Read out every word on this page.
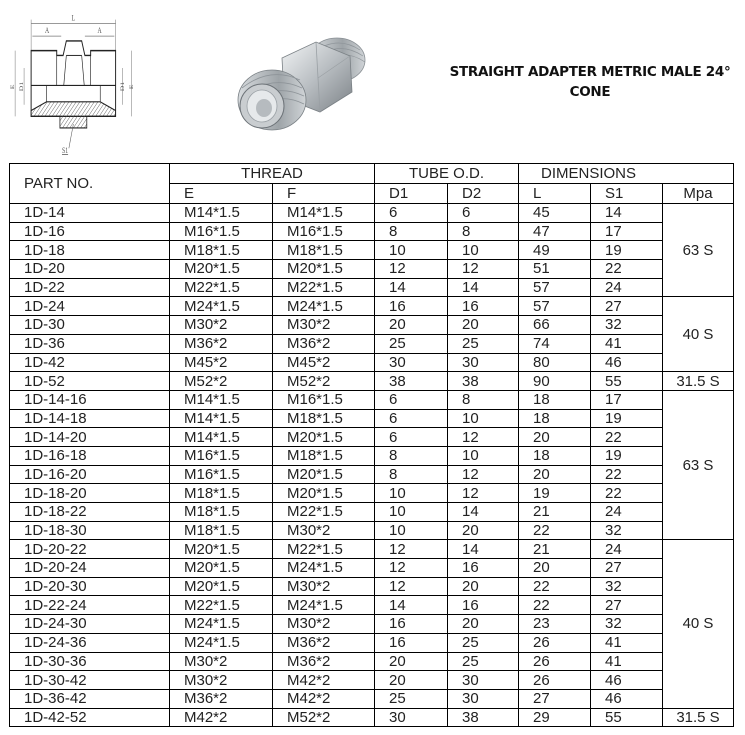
L
A	A
E D1	D1 E
S1
STRAIGHT ADAPTER METRIC MALE 24°
CONE
PART NO.	THREAD		TUBE O.D.		DIMENSIONS		
	E	F	D1	D2	L	S1	Mpa
1D-14	M14*1.5	M14*1.5	6	6	45	14	63 S
1D-16	M16*1.5	M16*1.5	8	8	47	17	
1D-18	M18*1.5	M18*1.5	10	10	49	19	
1D-20	M20*1.5	M20*1.5	12	12	51	22	
1D-22	M22*1.5	M22*1.5	14	14	57	24	
1D-24	M24*1.5	M24*1.5	16	16	57	27	40 S
1D-30	M30*2	M30*2	20	20	66	32	
1D-36	M36*2	M36*2	25	25	74	41	
1D-42	M45*2	M45*2	30	30	80	46	
1D-52	M52*2	M52*2	38	38	90	55	31.5 S
1D-14-16	M14*1.5	M16*1.5	6	8	18	17	63 S
1D-14-18	M14*1.5	M18*1.5	6	10	18	19	
1D-14-20	M14*1.5	M20*1.5	6	12	20	22	
1D-16-18	M16*1.5	M18*1.5	8	10	18	19	
1D-16-20	M16*1.5	M20*1.5	8	12	20	22	
1D-18-20	M18*1.5	M20*1.5	10	12	19	22	
1D-18-22	M18*1.5	M22*1.5	10	14	21	24	
1D-18-30	M18*1.5	M30*2	10	20	22	32	
1D-20-22	M20*1.5	M22*1.5	12	14	21	24	40 S
1D-20-24	M20*1.5	M24*1.5	12	16	20	27	
1D-20-30	M20*1.5	M30*2	12	20	22	32	
1D-22-24	M22*1.5	M24*1.5	14	16	22	27	
1D-24-30	M24*1.5	M30*2	16	20	23	32	
1D-24-36	M24*1.5	M36*2	16	25	26	41	
1D-30-36	M30*2	M36*2	20	25	26	41	
1D-30-42	M30*2	M42*2	20	30	26	46	
1D-36-42	M36*2	M42*2	25	30	27	46	
1D-42-52	M42*2	M52*2	30	38	29	55	31.5 S
